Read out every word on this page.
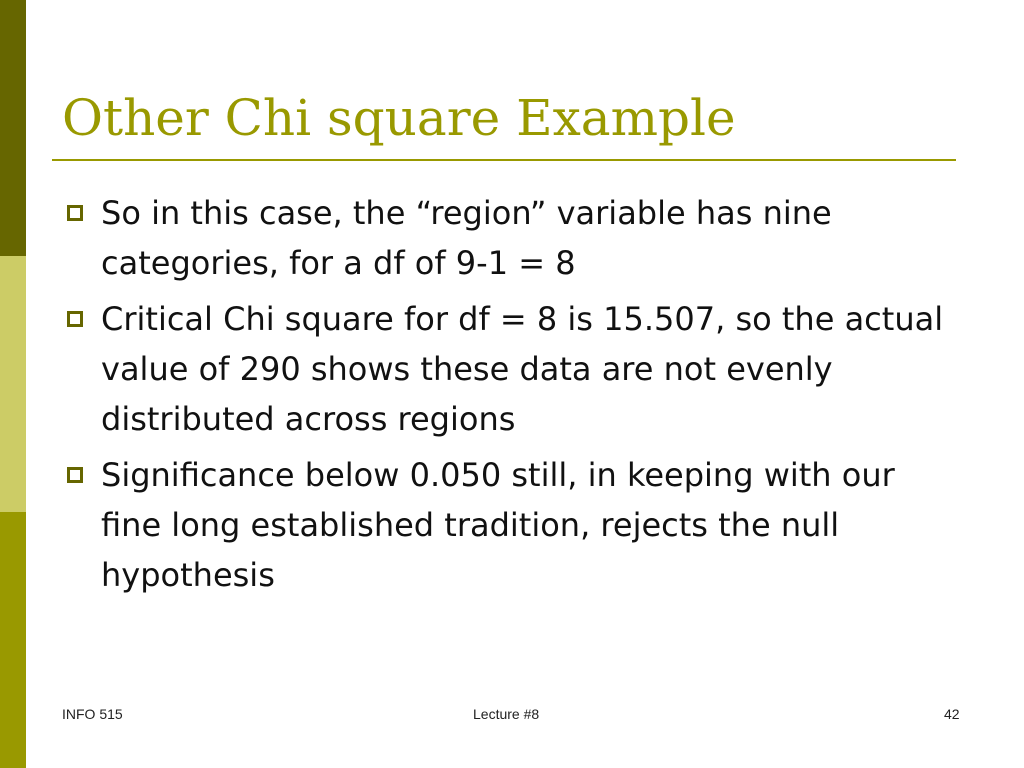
Other Chi square Example
So in this case, the “region” variable has nine categories, for a df of 9-1 = 8
Critical Chi square for df = 8 is 15.507, so the actual value of 290 shows these data are not evenly distributed across regions
Significance below 0.050 still, in keeping with our fine long established tradition, rejects the null hypothesis
INFO 515	Lecture #8	42
